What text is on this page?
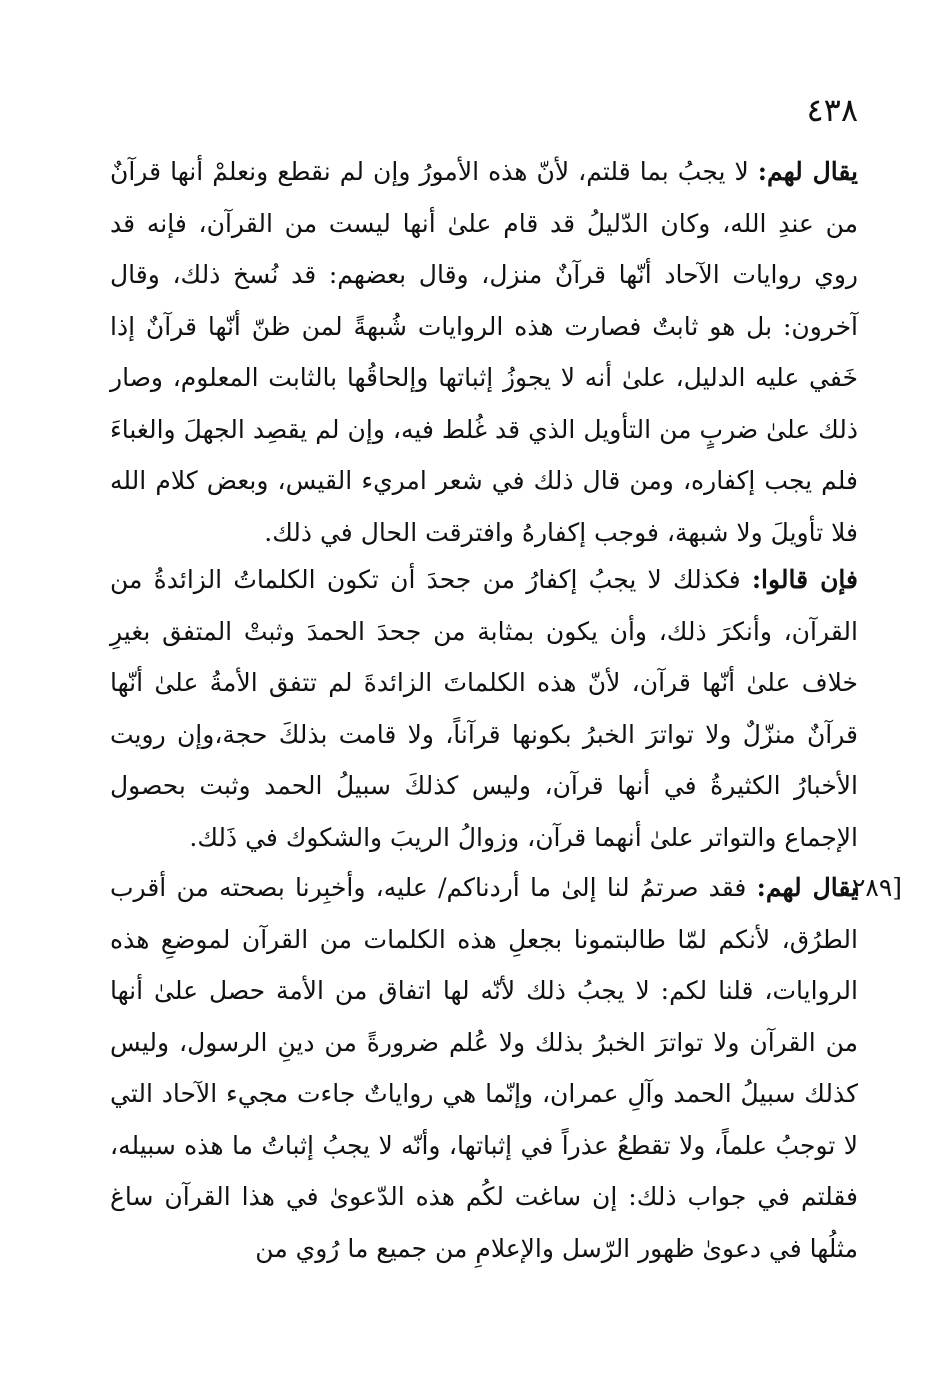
٤٣٨
يقال لهم: لا يجبُ بما قلتم، لأنّ هذه الأمورُ وإن لم نقطع ونعلمْ أنها قرآنٌ من عندِ الله، وكان الدّليلُ قد قام علىٰ أنها ليست من القرآن، فإنه قد روي روايات الآحاد أنّها قرآنٌ منزل، وقال بعضهم: قد نُسخ ذلك، وقال آخرون: بل هو ثابتٌ فصارت هذه الروايات شُبهةً لمن ظنّ أنّها قرآنٌ إذا خَفي عليه الدليل، علىٰ أنه لا يجوزُ إثباتها وإلحاقُها بالثابت المعلوم، وصار ذلك علىٰ ضربٍ من التأويل الذي قد غُلط فيه، وإن لم يقصِد الجهلَ والغباءَ فلم يجب إكفاره، ومن قال ذلك في شعر امريء القيس، وبعض كلام الله فلا تأويلَ ولا شبهة، فوجب إكفارهُ وافترقت الحال في ذلك.
فإن قالوا: فكذلك لا يجبُ إكفارُ من جحدَ أن تكون الكلماتُ الزائدةُ من القرآن، وأنكرَ ذلك، وأن يكون بمثابة من جحدَ الحمدَ وثبتْ المتفق بغيرِ خلاف علىٰ أنّها قرآن، لأنّ هذه الكلماتَ الزائدةَ لم تتفق الأمةُ علىٰ أنّها قرآنٌ منزّلٌ ولا تواترَ الخبرُ بكونها قرآناً، ولا قامت بذلكَ حجة،وإن رويت الأخبارُ الكثيرةُ في أنها قرآن، وليس كذلكَ سبيلُ الحمد وثبت بحصول الإجماع والتواتر علىٰ أنهما قرآن، وزوالُ الريبَ والشكوك في ذَلك.
[٢٨٩
يقال لهم: فقد صرتمُ لنا إلىٰ ما أردناكم/ عليه، وأخبِرنا بصحته من أقرب الطرُق، لأنكم لمّا طالبتمونا بجعلِ هذه الكلمات من القرآن لموضعِ هذه الروايات، قلنا لكم: لا يجبُ ذلك لأنّه لها اتفاق من الأمة حصل علىٰ أنها من القرآن ولا تواترَ الخبرُ بذلك ولا عُلم ضرورةً من دينِ الرسول، وليس كذلك سبيلُ الحمد وآلِ عمران، وإنّما هي رواياتٌ جاءت مجيء الآحاد التي لا توجبُ علماً، ولا تقطعُ عذراً في إثباتها، وأنّه لا يجبُ إثباتُ ما هذه سبيله، فقلتم في جواب ذلك: إن ساغت لكُم هذه الدّعوىٰ في هذا القرآن ساغ مثلُها في دعوىٰ ظهور الرّسل والإعلامِ من جميع ما رُوي من
